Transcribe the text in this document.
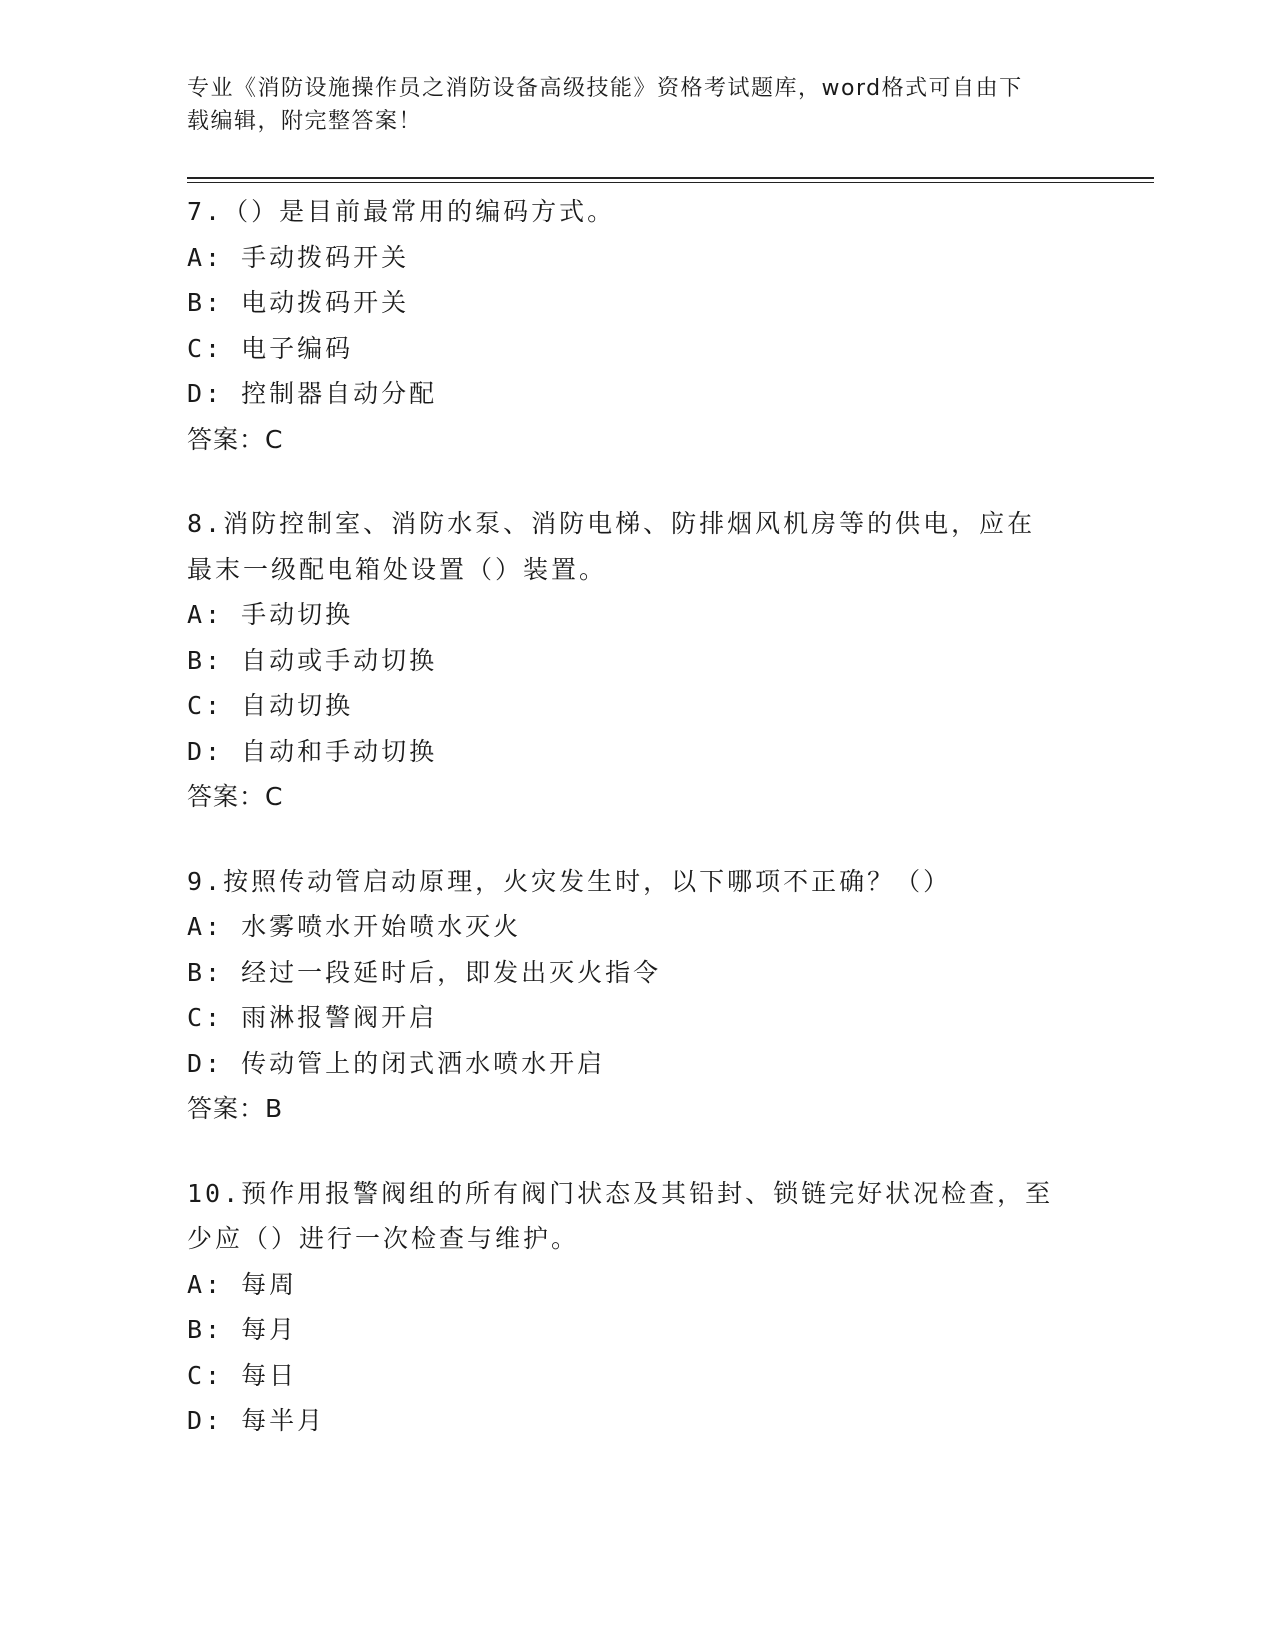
专业《消防设施操作员之消防设备高级技能》资格考试题库，word格式可自由下
载编辑，附完整答案！
7.（）是目前最常用的编码方式。
A: 手动拨码开关
B: 电动拨码开关
C: 电子编码
D: 控制器自动分配
答案：C
8.消防控制室、消防水泵、消防电梯、防排烟风机房等的供电，应在
最末一级配电箱处设置（）装置。
A: 手动切换
B: 自动或手动切换
C: 自动切换
D: 自动和手动切换
答案：C
9.按照传动管启动原理，火灾发生时，以下哪项不正确？（）
A: 水雾喷水开始喷水灭火
B: 经过一段延时后，即发出灭火指令
C: 雨淋报警阀开启
D: 传动管上的闭式洒水喷水开启
答案：B
10.预作用报警阀组的所有阀门状态及其铅封、锁链完好状况检查，至
少应（）进行一次检查与维护。
A: 每周
B: 每月
C: 每日
D: 每半月
